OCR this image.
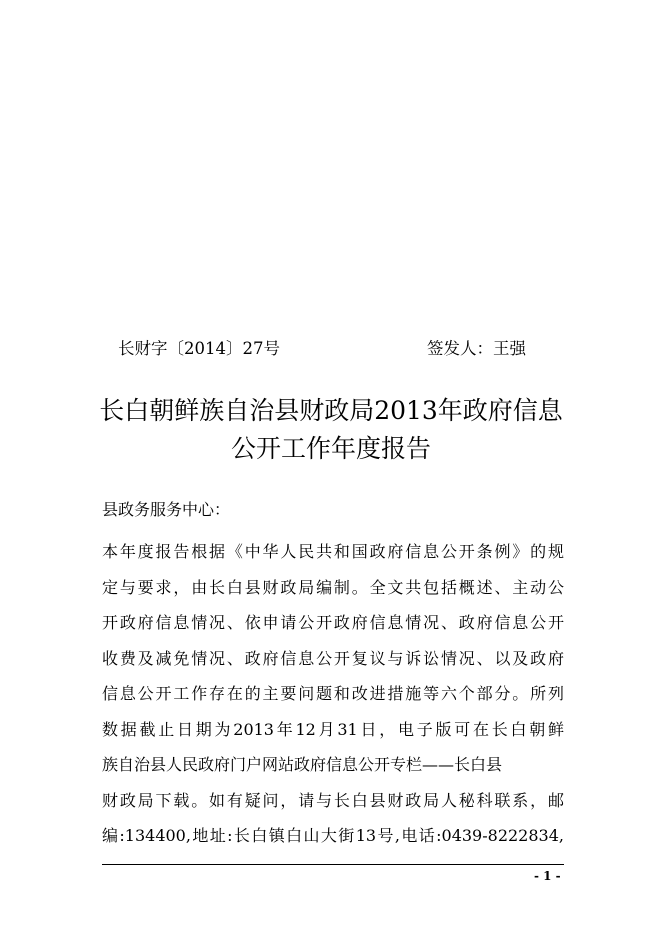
长财字〔2014〕27号	签发人：王强
长白朝鲜族自治县财政局2013年政府信息
公开工作年度报告
县政务服务中心：
本年度报告根据《中华人民共和国政府信息公开条例》的规
定与要求，由长白县财政局编制。全文共包括概述、主动公
开政府信息情况、依申请公开政府信息情况、政府信息公开
收费及减免情况、政府信息公开复议与诉讼情况、以及政府
信息公开工作存在的主要问题和改进措施等六个部分。所列
数据截止日期为2013年12月31日，电子版可在长白朝鲜
族自治县人民政府门户网站政府信息公开专栏——长白县
财政局下载。如有疑问，请与长白县财政局人秘科联系，邮
编:134400,地址:长白镇白山大街13号,电话:0439-8222834,
- 1 -
